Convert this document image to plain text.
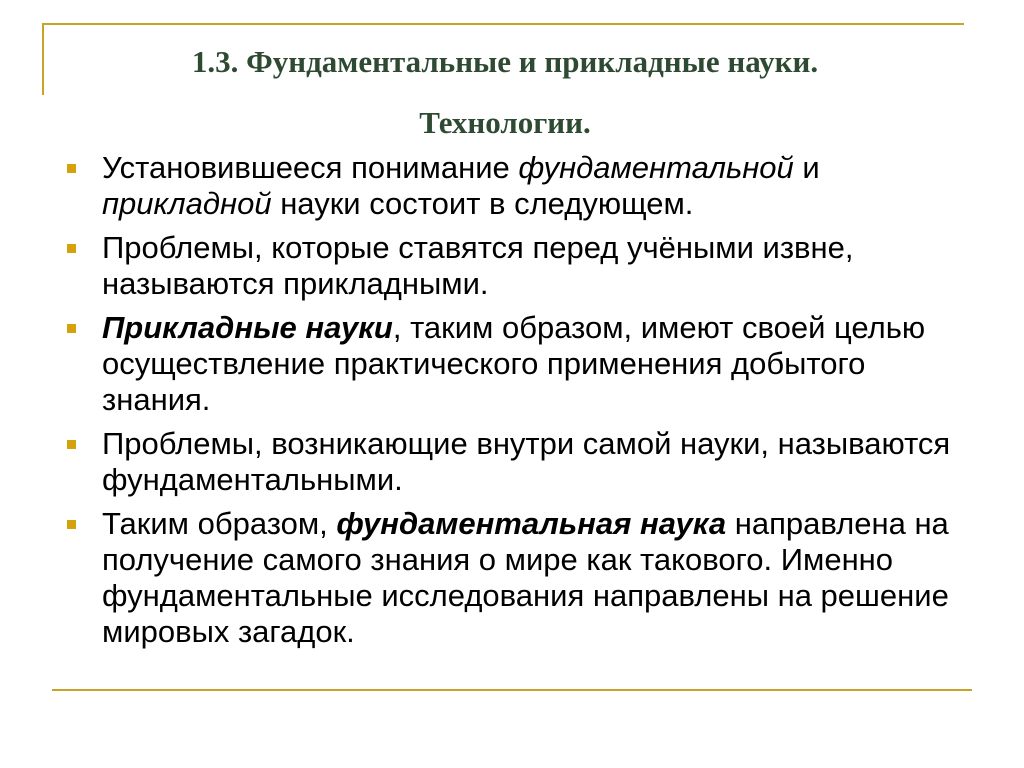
1.3. Фундаментальные и прикладные науки.
Технологии.
Установившееся понимание фундаментальной и прикладной науки состоит в следующем.
Проблемы, которые ставятся перед учёными извне, называются прикладными.
Прикладные науки, таким образом, имеют своей целью осуществление практического применения добытого знания.
Проблемы, возникающие внутри самой науки, называются фундаментальными.
Таким образом, фундаментальная наука направлена на получение самого знания о мире как такового. Именно фундаментальные исследования направлены на решение мировых загадок.
